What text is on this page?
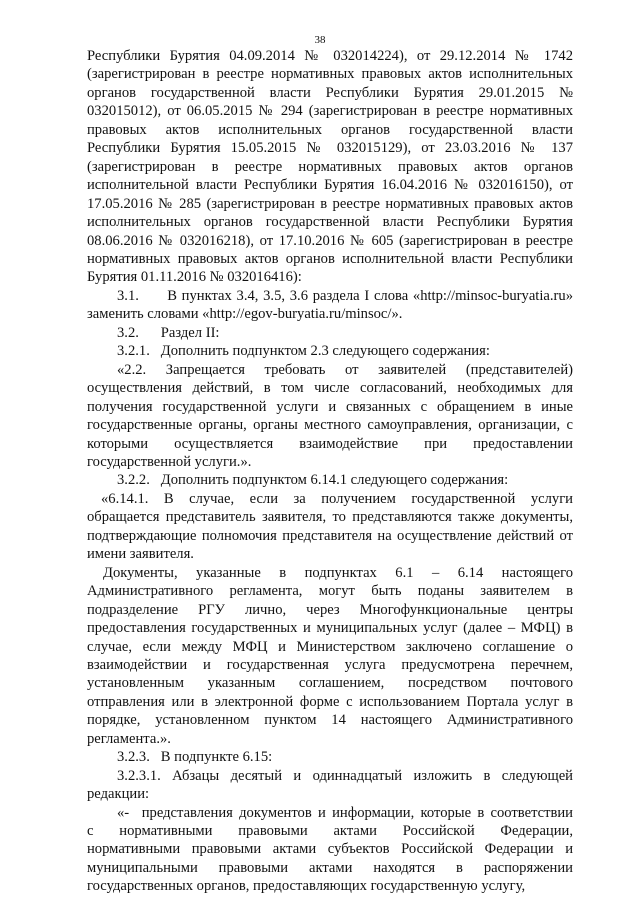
38
Республики Бурятия 04.09.2014 № 032014224), от 29.12.2014 № 1742
(зарегистрирован в реестре нормативных правовых актов исполнительных
органов государственной власти Республики Бурятия 29.01.2015 №
032015012), от 06.05.2015 № 294 (зарегистрирован в реестре нормативных
правовых актов исполнительных органов государственной власти
Республики Бурятия 15.05.2015 № 032015129), от 23.03.2016 № 137
(зарегистрирован в реестре нормативных правовых актов органов
исполнительной власти Республики Бурятия 16.04.2016 № 032016150), от
17.05.2016 № 285 (зарегистрирован в реестре нормативных правовых актов
исполнительных органов государственной власти Республики Бурятия
08.06.2016 № 032016218), от 17.10.2016 № 605 (зарегистрирован в реестре
нормативных правовых актов органов исполнительной власти Республики
Бурятия 01.11.2016 № 032016416):
3.1.      В пунктах 3.4, 3.5, 3.6 раздела I слова «http://minsoc-buryatia.ru»
заменить словами «http://egov-buryatia.ru/minsoc/».
3.2.      Раздел II:
3.2.1.   Дополнить подпунктом 2.3 следующего содержания:
«2.2.   Запрещается   требовать   от   заявителей   (представителей)
осуществления действий, в том числе согласований, необходимых для
получения государственной услуги и связанных с обращением в иные
государственные органы, органы местного самоуправления, организации, с
которыми     осуществляется     взаимодействие     при     предоставлении
государственной услуги.».
3.2.2.   Дополнить подпунктом 6.14.1 следующего содержания:
«6.14.1. В случае, если за получением государственной услуги
обращается представитель заявителя, то представляются также документы,
подтверждающие полномочия представителя на осуществление действий от
имени заявителя.
Документы,   указанные   в   подпунктах   6.1   –   6.14   настоящего
Административного регламента, могут быть поданы заявителем в
подразделение   РГУ   лично,   через   Многофункциональные   центры
предоставления государственных и муниципальных услуг (далее – МФЦ) в
случае, если между МФЦ и Министерством заключено соглашение о
взаимодействии и государственная услуга предусмотрена перечнем,
установленным   указанным   соглашением,   посредством   почтового
отправления или в электронной форме с использованием Портала услуг в
порядке, установленном пунктом 14 настоящего Административного
регламента.».
3.2.3.   В подпункте 6.15:
3.2.3.1. Абзацы десятый и одиннадцатый изложить в следующей
редакции:
«-  представления документов и информации, которые в соответствии
с   нормативными   правовыми   актами   Российской   Федерации,
нормативными правовыми актами субъектов Российской Федерации и
муниципальными   правовыми   актами   находятся   в   распоряжении
государственных органов, предоставляющих государственную услугу,
